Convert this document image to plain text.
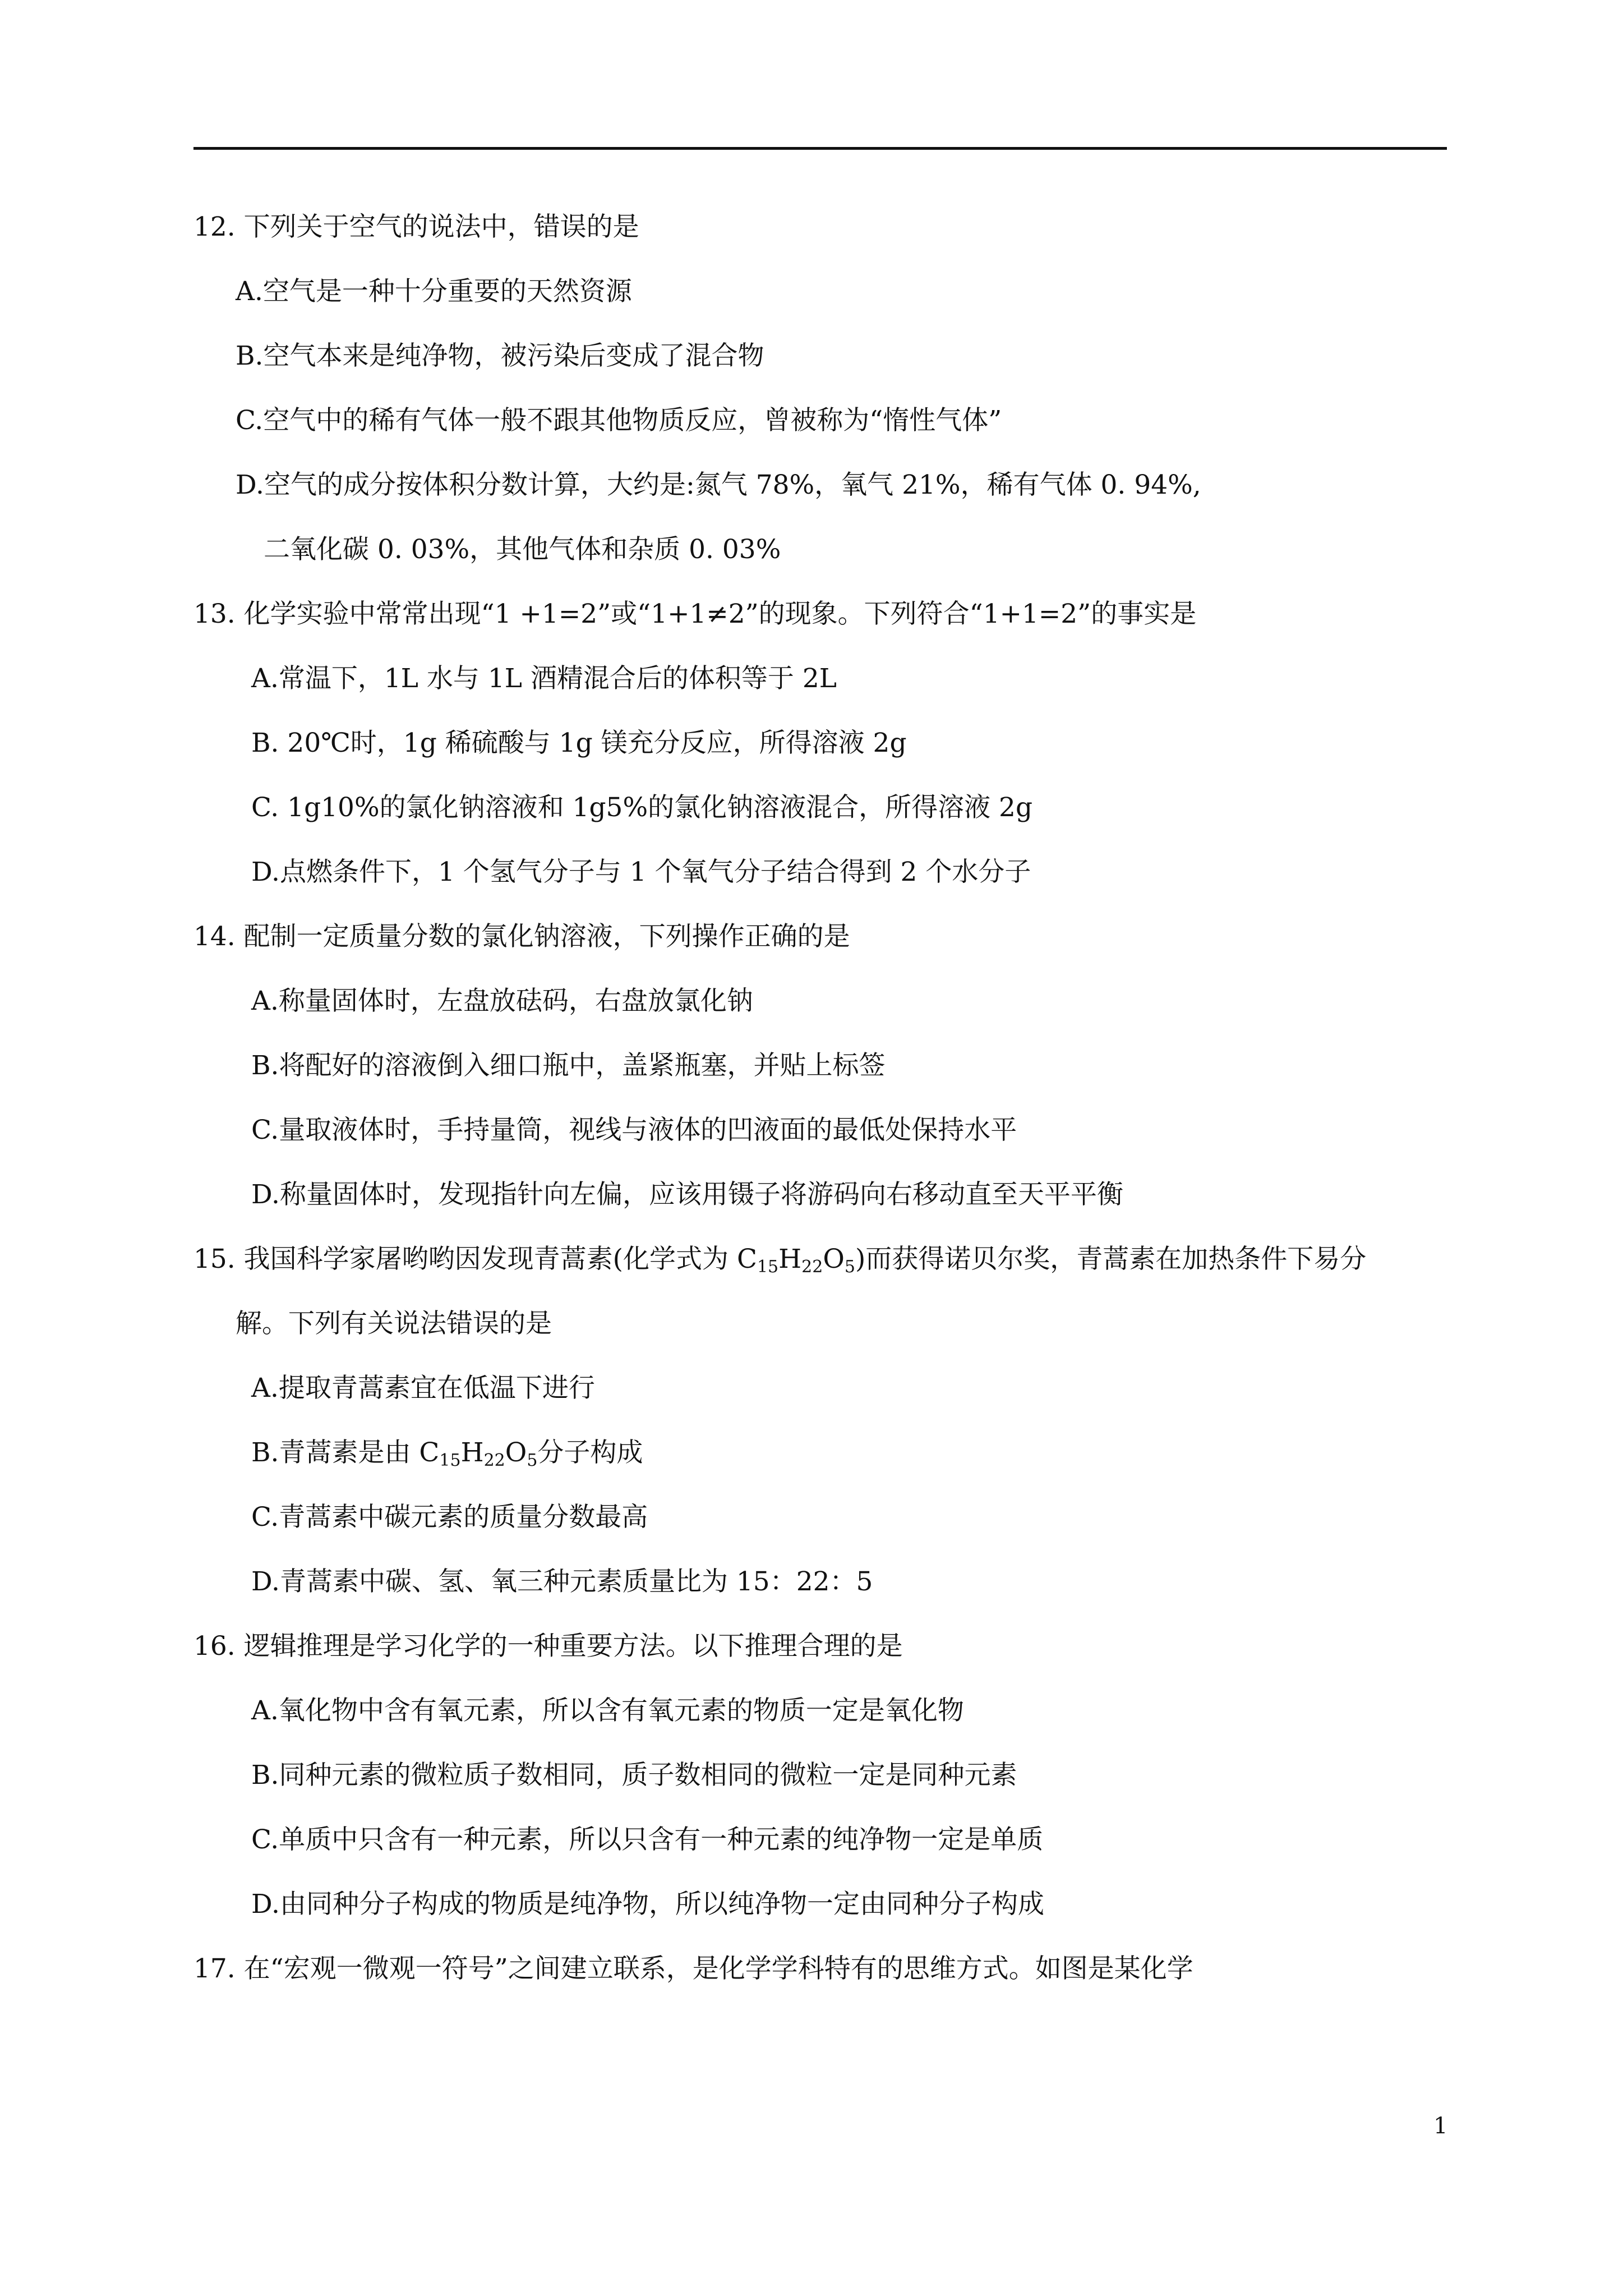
12. 下列关于空气的说法中，错误的是
A.空气是一种十分重要的天然资源
B.空气本来是纯净物，被污染后变成了混合物
C.空气中的稀有气体一般不跟其他物质反应，曾被称为“惰性气体”
D.空气的成分按体积分数计算，大约是:氮气 78%，氧气 21%，稀有气体 0. 94%,
二氧化碳 0. 03%，其他气体和杂质 0. 03%
13. 化学实验中常常出现“1 +1=2”或“1+1≠2”的现象。下列符合“1+1=2”的事实是
A.常温下，1L 水与 1L 酒精混合后的体积等于 2L
B. 20℃时，1g 稀硫酸与 1g 镁充分反应，所得溶液 2g
C. 1g10%的氯化钠溶液和 1g5%的氯化钠溶液混合，所得溶液 2g
D.点燃条件下，1 个氢气分子与 1 个氧气分子结合得到 2 个水分子
14. 配制一定质量分数的氯化钠溶液，下列操作正确的是
A.称量固体时，左盘放砝码，右盘放氯化钠
B.将配好的溶液倒入细口瓶中，盖紧瓶塞，并贴上标签
C.量取液体时，手持量筒，视线与液体的凹液面的最低处保持水平
D.称量固体时，发现指针向左偏，应该用镊子将游码向右移动直至天平平衡
15. 我国科学家屠哟哟因发现青蒿素(化学式为 $C_{15}H_{22}O_5$)而获得诺贝尔奖，青蒿素在加热条件下易分
解。下列有关说法错误的是
A.提取青蒿素宜在低温下进行
B.青蒿素是由 $C_{15}H_{22}O_5$分子构成
C.青蒿素中碳元素的质量分数最高
D.青蒿素中碳、氢、氧三种元素质量比为 15：22：5
16. 逻辑推理是学习化学的一种重要方法。以下推理合理的是
A.氧化物中含有氧元素，所以含有氧元素的物质一定是氧化物
B.同种元素的微粒质子数相同，质子数相同的微粒一定是同种元素
C.单质中只含有一种元素，所以只含有一种元素的纯净物一定是单质
D.由同种分子构成的物质是纯净物，所以纯净物一定由同种分子构成
17. 在“宏观一微观一符号”之间建立联系，是化学学科特有的思维方式。如图是某化学
1
